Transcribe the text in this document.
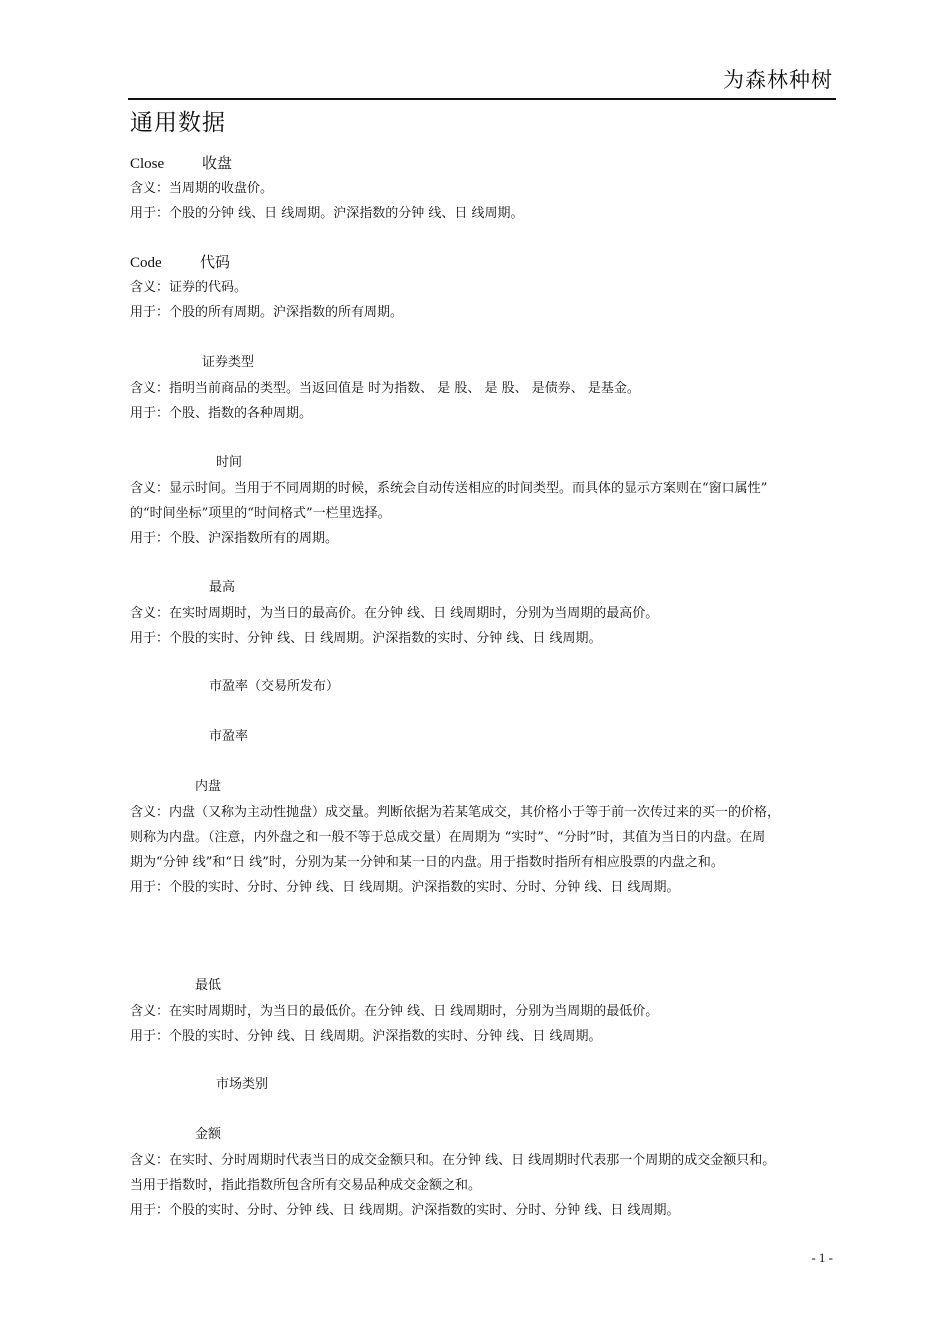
为森林种树
通用数据
Close	收盘
含义：当周期的收盘价。
用于：个股的分钟 线、日 线周期。沪深指数的分钟 线、日 线周期。
Code	代码
含义：证券的代码。
用于：个股的所有周期。沪深指数的所有周期。
证券类型
含义：指明当前商品的类型。当返回值是 时为指数、 是 股、 是 股、 是债券、 是基金。
用于：个股、指数的各种周期。
时间
含义：显示时间。当用于不同周期的时候，系统会自动传送相应的时间类型。而具体的显示方案则在“窗口属性”
的“时间坐标”项里的“时间格式”一栏里选择。
用于：个股、沪深指数所有的周期。
最高
含义：在实时周期时，为当日的最高价。在分钟 线、日 线周期时，分别为当周期的最高价。
用于：个股的实时、分钟 线、日 线周期。沪深指数的实时、分钟 线、日 线周期。
市盈率（交易所发布）
市盈率
内盘
含义：内盘（又称为主动性抛盘）成交量。判断依据为若某笔成交，其价格小于等于前一次传过来的买一的价格，
则称为内盘。（注意，内外盘之和一般不等于总成交量）在周期为 “实时”、“分时”时，其值为当日的内盘。在周
期为“分钟 线”和“日 线”时，分别为某一分钟和某一日的内盘。用于指数时指所有相应股票的内盘之和。
用于：个股的实时、分时、分钟 线、日 线周期。沪深指数的实时、分时、分钟 线、日 线周期。
最低
含义：在实时周期时，为当日的最低价。在分钟 线、日 线周期时，分别为当周期的最低价。
用于：个股的实时、分钟 线、日 线周期。沪深指数的实时、分钟 线、日 线周期。
市场类别
金额
含义：在实时、分时周期时代表当日的成交金额只和。在分钟 线、日 线周期时代表那一个周期的成交金额只和。
当用于指数时，指此指数所包含所有交易品种成交金额之和。
用于：个股的实时、分时、分钟 线、日 线周期。沪深指数的实时、分时、分钟 线、日 线周期。
- 1 -
